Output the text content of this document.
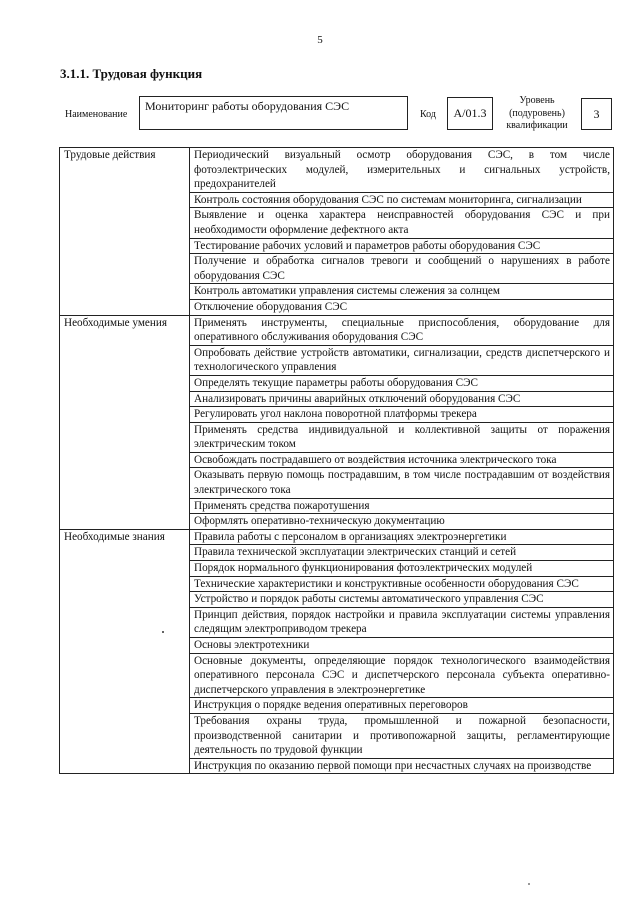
5
3.1.1. Трудовая функция
Наименование
Мониторинг работы оборудования СЭС
Код	A/01.3
Уровень
(подуровень)
квалификации
3
Трудовые действия	Периодический визуальный осмотр оборудования СЭС, в том числе фотоэлектрических модулей, измерительных и сигнальных устройств, предохранителей
	Контроль состояния оборудования СЭС по системам мониторинга, сигнализации
	Выявление и оценка характера неисправностей оборудования СЭС и при необходимости оформление дефектного акта
	Тестирование рабочих условий и параметров работы оборудования СЭС
	Получение и обработка сигналов тревоги и сообщений о нарушениях в работе оборудования СЭС
	Контроль автоматики управления системы слежения за солнцем
	Отключение оборудования СЭС
Необходимые умения	Применять инструменты, специальные приспособления, оборудование для оперативного обслуживания оборудования СЭС
	Опробовать действие устройств автоматики, сигнализации, средств диспетчерского и технологического управления
	Определять текущие параметры работы оборудования СЭС
	Анализировать причины аварийных отключений оборудования СЭС
	Регулировать угол наклона поворотной платформы трекера
	Применять средства индивидуальной и коллективной защиты от поражения электрическим током
	Освобождать пострадавшего от воздействия источника электрического тока
	Оказывать первую помощь пострадавшим, в том числе пострадавшим от воздействия электрического тока
	Применять средства пожаротушения
	Оформлять оперативно-техническую документацию
Необходимые знания	Правила работы с персоналом в организациях электроэнергетики
	Правила технической эксплуатации электрических станций и сетей
	Порядок нормального функционирования фотоэлектрических модулей
	Технические характеристики и конструктивные особенности оборудования СЭС
	Устройство и порядок работы системы автоматического управления СЭС
	Принцип действия, порядок настройки и правила эксплуатации системы управления следящим электроприводом трекера
	Основы электротехники
	Основные документы, определяющие порядок технологического взаимодействия оперативного персонала СЭС и диспетчерского персонала субъекта оперативно-диспетчерского управления в электроэнергетике
	Инструкция о порядке ведения оперативных переговоров
	Требования охраны труда, промышленной и пожарной безопасности, производственной санитарии и противопожарной защиты, регламентирующие деятельность по трудовой функции
	Инструкция по оказанию первой помощи при несчастных случаях на производстве
